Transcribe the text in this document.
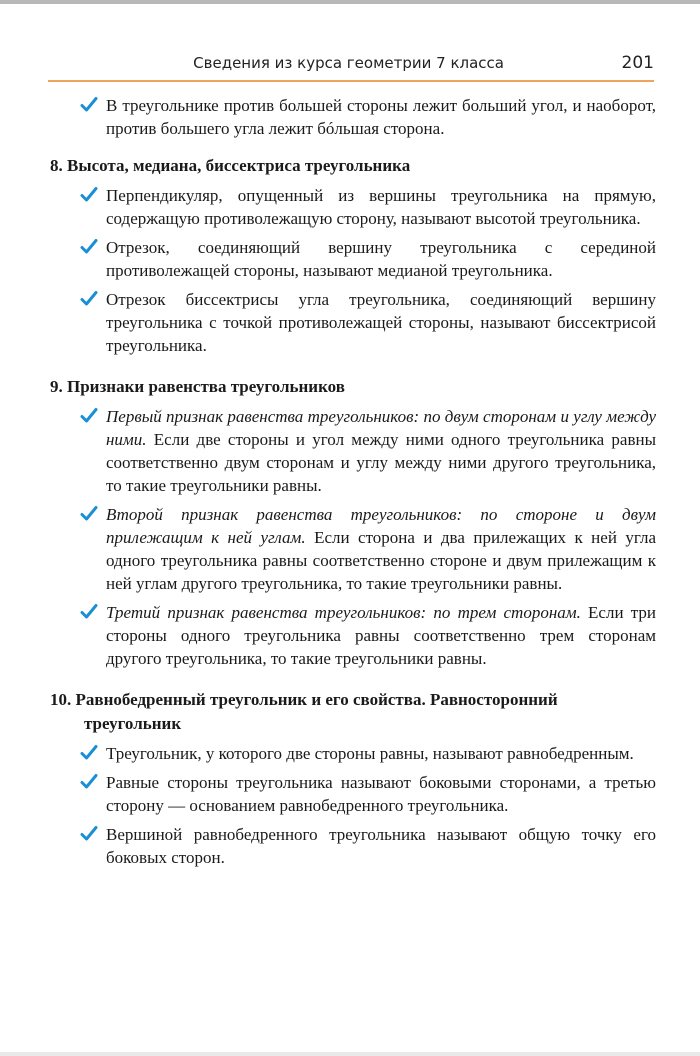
Сведения из курса геометрии 7 класса	201
В треугольнике против большей стороны лежит больший угол, и наоборот, против большего угла лежит бóльшая сторона.
8. Высота, медиана, биссектриса треугольника
Перпендикуляр, опущенный из вершины треугольника на прямую, содержащую противолежащую сторону, называют высотой треугольника.
Отрезок, соединяющий вершину треугольника с серединой противолежащей стороны, называют медианой треугольника.
Отрезок биссектрисы угла треугольника, соединяющий вершину треугольника с точкой противолежащей стороны, называют биссектрисой треугольника.
9. Признаки равенства треугольников
Первый признак равенства треугольников: по двум сторонам и углу между ними. Если две стороны и угол между ними одного треугольника равны соответственно двум сторонам и углу между ними другого треугольника, то такие треугольники равны.
Второй признак равенства треугольников: по стороне и двум прилежащим к ней углам. Если сторона и два прилежащих к ней угла одного треугольника равны соответственно стороне и двум прилежащим к ней углам другого треугольника, то такие треугольники равны.
Третий признак равенства треугольников: по трем сторонам. Если три стороны одного треугольника равны соответственно трем сторонам другого треугольника, то такие треугольники равны.
10. Равнобедренный треугольник и его свойства. Равносторонний треугольник
Треугольник, у которого две стороны равны, называют равнобедренным.
Равные стороны треугольника называют боковыми сторонами, а третью сторону — основанием равнобедренного треугольника.
Вершиной равнобедренного треугольника называют общую точку его боковых сторон.
